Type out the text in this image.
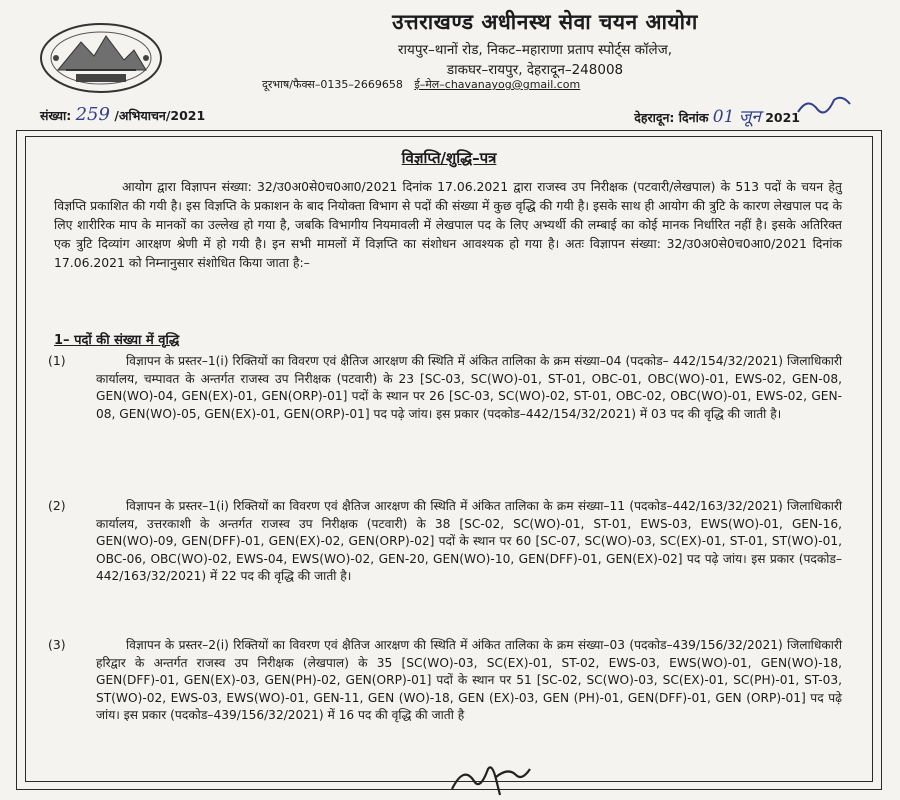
उत्तराखण्ड अधीनस्थ सेवा चयन आयोग
रायपुर–थानों रोड, निकट–महाराणा प्रताप स्पोर्ट्स कॉलेज,
डाकघर–रायपुर, देहरादून–248008
दूरभाष/फैक्स–0135–2669658 ई–मेल–chavanayog@gmail.com
संख्या: 259 /अभियाचन/2021	देहरादून: दिनांक 01 जून 2021
विज्ञप्ति/शुद्धि–पत्र
आयोग द्वारा विज्ञापन संख्या: 32/उ0अ0से0च0आ0/2021 दिनांक 17.06.2021 द्वारा राजस्व उप निरीक्षक (पटवारी/लेखपाल) के 513 पदों के चयन हेतु विज्ञप्ति प्रकाशित की गयी है। इस विज्ञप्ति के प्रकाशन के बाद नियोक्ता विभाग से पदों की संख्या में कुछ वृद्धि की गयी है। इसके साथ ही आयोग की त्रुटि के कारण लेखपाल पद के लिए शारीरिक माप के मानकों का उल्लेख हो गया है, जबकि विभागीय नियमावली में लेखपाल पद के लिए अभ्यर्थी की लम्बाई का कोई मानक निर्धारित नहीं है। इसके अतिरिक्त एक त्रुटि दिव्यांग आरक्षण श्रेणी में हो गयी है। इन सभी मामलों में विज्ञप्ति का संशोधन आवश्यक हो गया है। अतः विज्ञापन संख्या: 32/उ0अ0से0च0आ0/2021 दिनांक 17.06.2021 को निम्नानुसार संशोधित किया जाता है:–
1– पदों की संख्या में वृद्धि
(1)	विज्ञापन के प्रस्तर–1(i) रिक्तियों का विवरण एवं क्षैतिज आरक्षण की स्थिति में अंकित तालिका के क्रम संख्या–04 (पदकोड– 442/154/32/2021) जिलाधिकारी कार्यालय, चम्पावत के अन्तर्गत राजस्व उप निरीक्षक (पटवारी) के 23 [SC-03, SC(WO)-01, ST-01, OBC-01, OBC(WO)-01, EWS-02, GEN-08, GEN(WO)-04, GEN(EX)-01, GEN(ORP)-01] पदों के स्थान पर 26 [SC-03, SC(WO)-02, ST-01, OBC-02, OBC(WO)-01, EWS-02, GEN-08, GEN(WO)-05, GEN(EX)-01, GEN(ORP)-01] पद पढ़े जांय। इस प्रकार (पदकोड–442/154/32/2021) में 03 पद की वृद्धि की जाती है।
(2)	विज्ञापन के प्रस्तर–1(i) रिक्तियों का विवरण एवं क्षैतिज आरक्षण की स्थिति में अंकित तालिका के क्रम संख्या–11 (पदकोड–442/163/32/2021) जिलाधिकारी कार्यालय, उत्तरकाशी के अन्तर्गत राजस्व उप निरीक्षक (पटवारी) के 38 [SC-02, SC(WO)-01, ST-01, EWS-03, EWS(WO)-01, GEN-16, GEN(WO)-09, GEN(DFF)-01, GEN(EX)-02, GEN(ORP)-02] पदों के स्थान पर 60 [SC-07, SC(WO)-03, SC(EX)-01, ST-01, ST(WO)-01, OBC-06, OBC(WO)-02, EWS-04, EWS(WO)-02, GEN-20, GEN(WO)-10, GEN(DFF)-01, GEN(EX)-02] पद पढ़े जांय। इस प्रकार (पदकोड– 442/163/32/2021) में 22 पद की वृद्धि की जाती है।
(3)	विज्ञापन के प्रस्तर–2(i) रिक्तियों का विवरण एवं क्षैतिज आरक्षण की स्थिति में अंकित तालिका के क्रम संख्या–03 (पदकोड–439/156/32/2021) जिलाधिकारी हरिद्वार के अन्तर्गत राजस्व उप निरीक्षक (लेखपाल) के 35 [SC(WO)-03, SC(EX)-01, ST-02, EWS-03, EWS(WO)-01, GEN(WO)-18, GEN(DFF)-01, GEN(EX)-03, GEN(PH)-02, GEN(ORP)-01] पदों के स्थान पर 51 [SC-02, SC(WO)-03, SC(EX)-01, SC(PH)-01, ST-03, ST(WO)-02, EWS-03, EWS(WO)-01, GEN-11, GEN (WO)-18, GEN (EX)-03, GEN (PH)-01, GEN(DFF)-01, GEN (ORP)-01] पद पढ़े जांय। इस प्रकार (पदकोड–439/156/32/2021) में 16 पद की वृद्धि की जाती है
